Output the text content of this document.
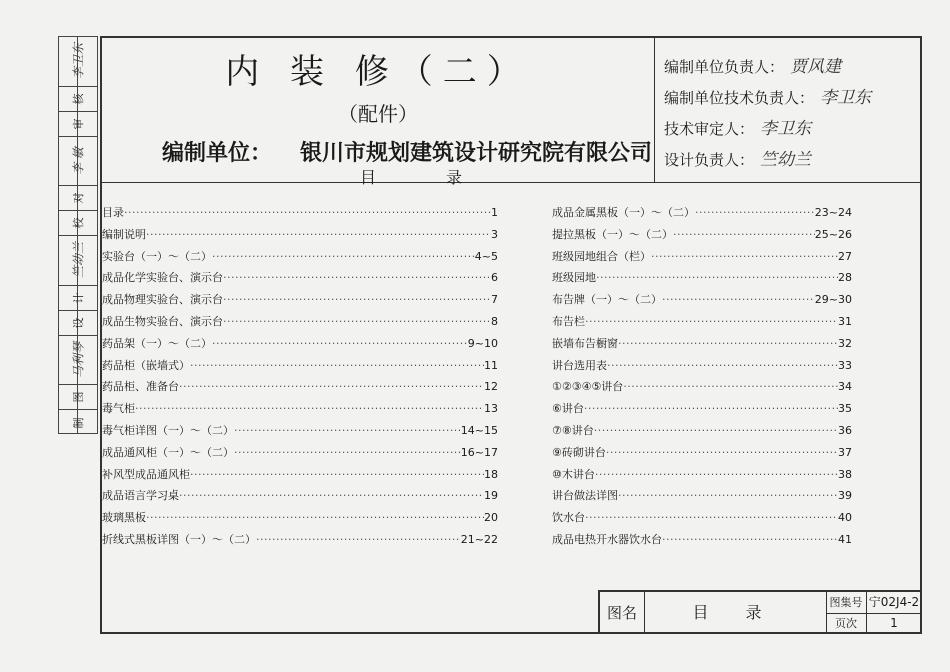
李卫东
核
审
李 敏
对
校
竺幼兰
计
设
马利琴
图
制
内 装 修（二）
（配件）
编制单位： 银川市规划建筑设计研究院有限公司
编制单位负责人： 贾风建
编制单位技术负责人： 李卫东
技术审定人： 李卫东
设计负责人： 竺幼兰
目	录
目录 ·····	1
编制说明 ·····	3
实验台（一）～（二） ·····	4~5
成品化学实验台、演示台 ·····	6
成品物理实验台、演示台 ·····	7
成品生物实验台、演示台 ·····	8
药品架（一）～（二） ·····	9~10
药品柜（嵌墙式） ·····	11
药品柜、准备台 ·····	12
毒气柜 ·····	13
毒气柜详图（一）～（二） ·····	14~15
成品通风柜（一）～（二） ·····	16~17
补风型成品通风柜 ·····	18
成品语言学习桌 ·····	19
玻璃黑板 ·····	20
折线式黑板详图（一）～（二） ·····	21~22
成品金属黑板（一）～（二） ·····	23~24
提拉黑板（一）～（二） ·····	25~26
班级园地组合（栏） ·····	27
班级园地 ·····	28
布告牌（一）～（二） ·····	29~30
布告栏 ·····	31
嵌墙布告橱窗 ·····	32
讲台选用表 ·····	33
①②③④⑤讲台 ·····	34
⑥讲台 ·····	35
⑦⑧讲台 ·····	36
⑨砖砌讲台 ·····	37
⑩木讲台 ·····	38
讲台做法详图 ·····	39
饮水台 ·····	40
成品电热开水器饮水台 ·····	41
图名	目 录
图集号 宁02J4-2
页次	1
